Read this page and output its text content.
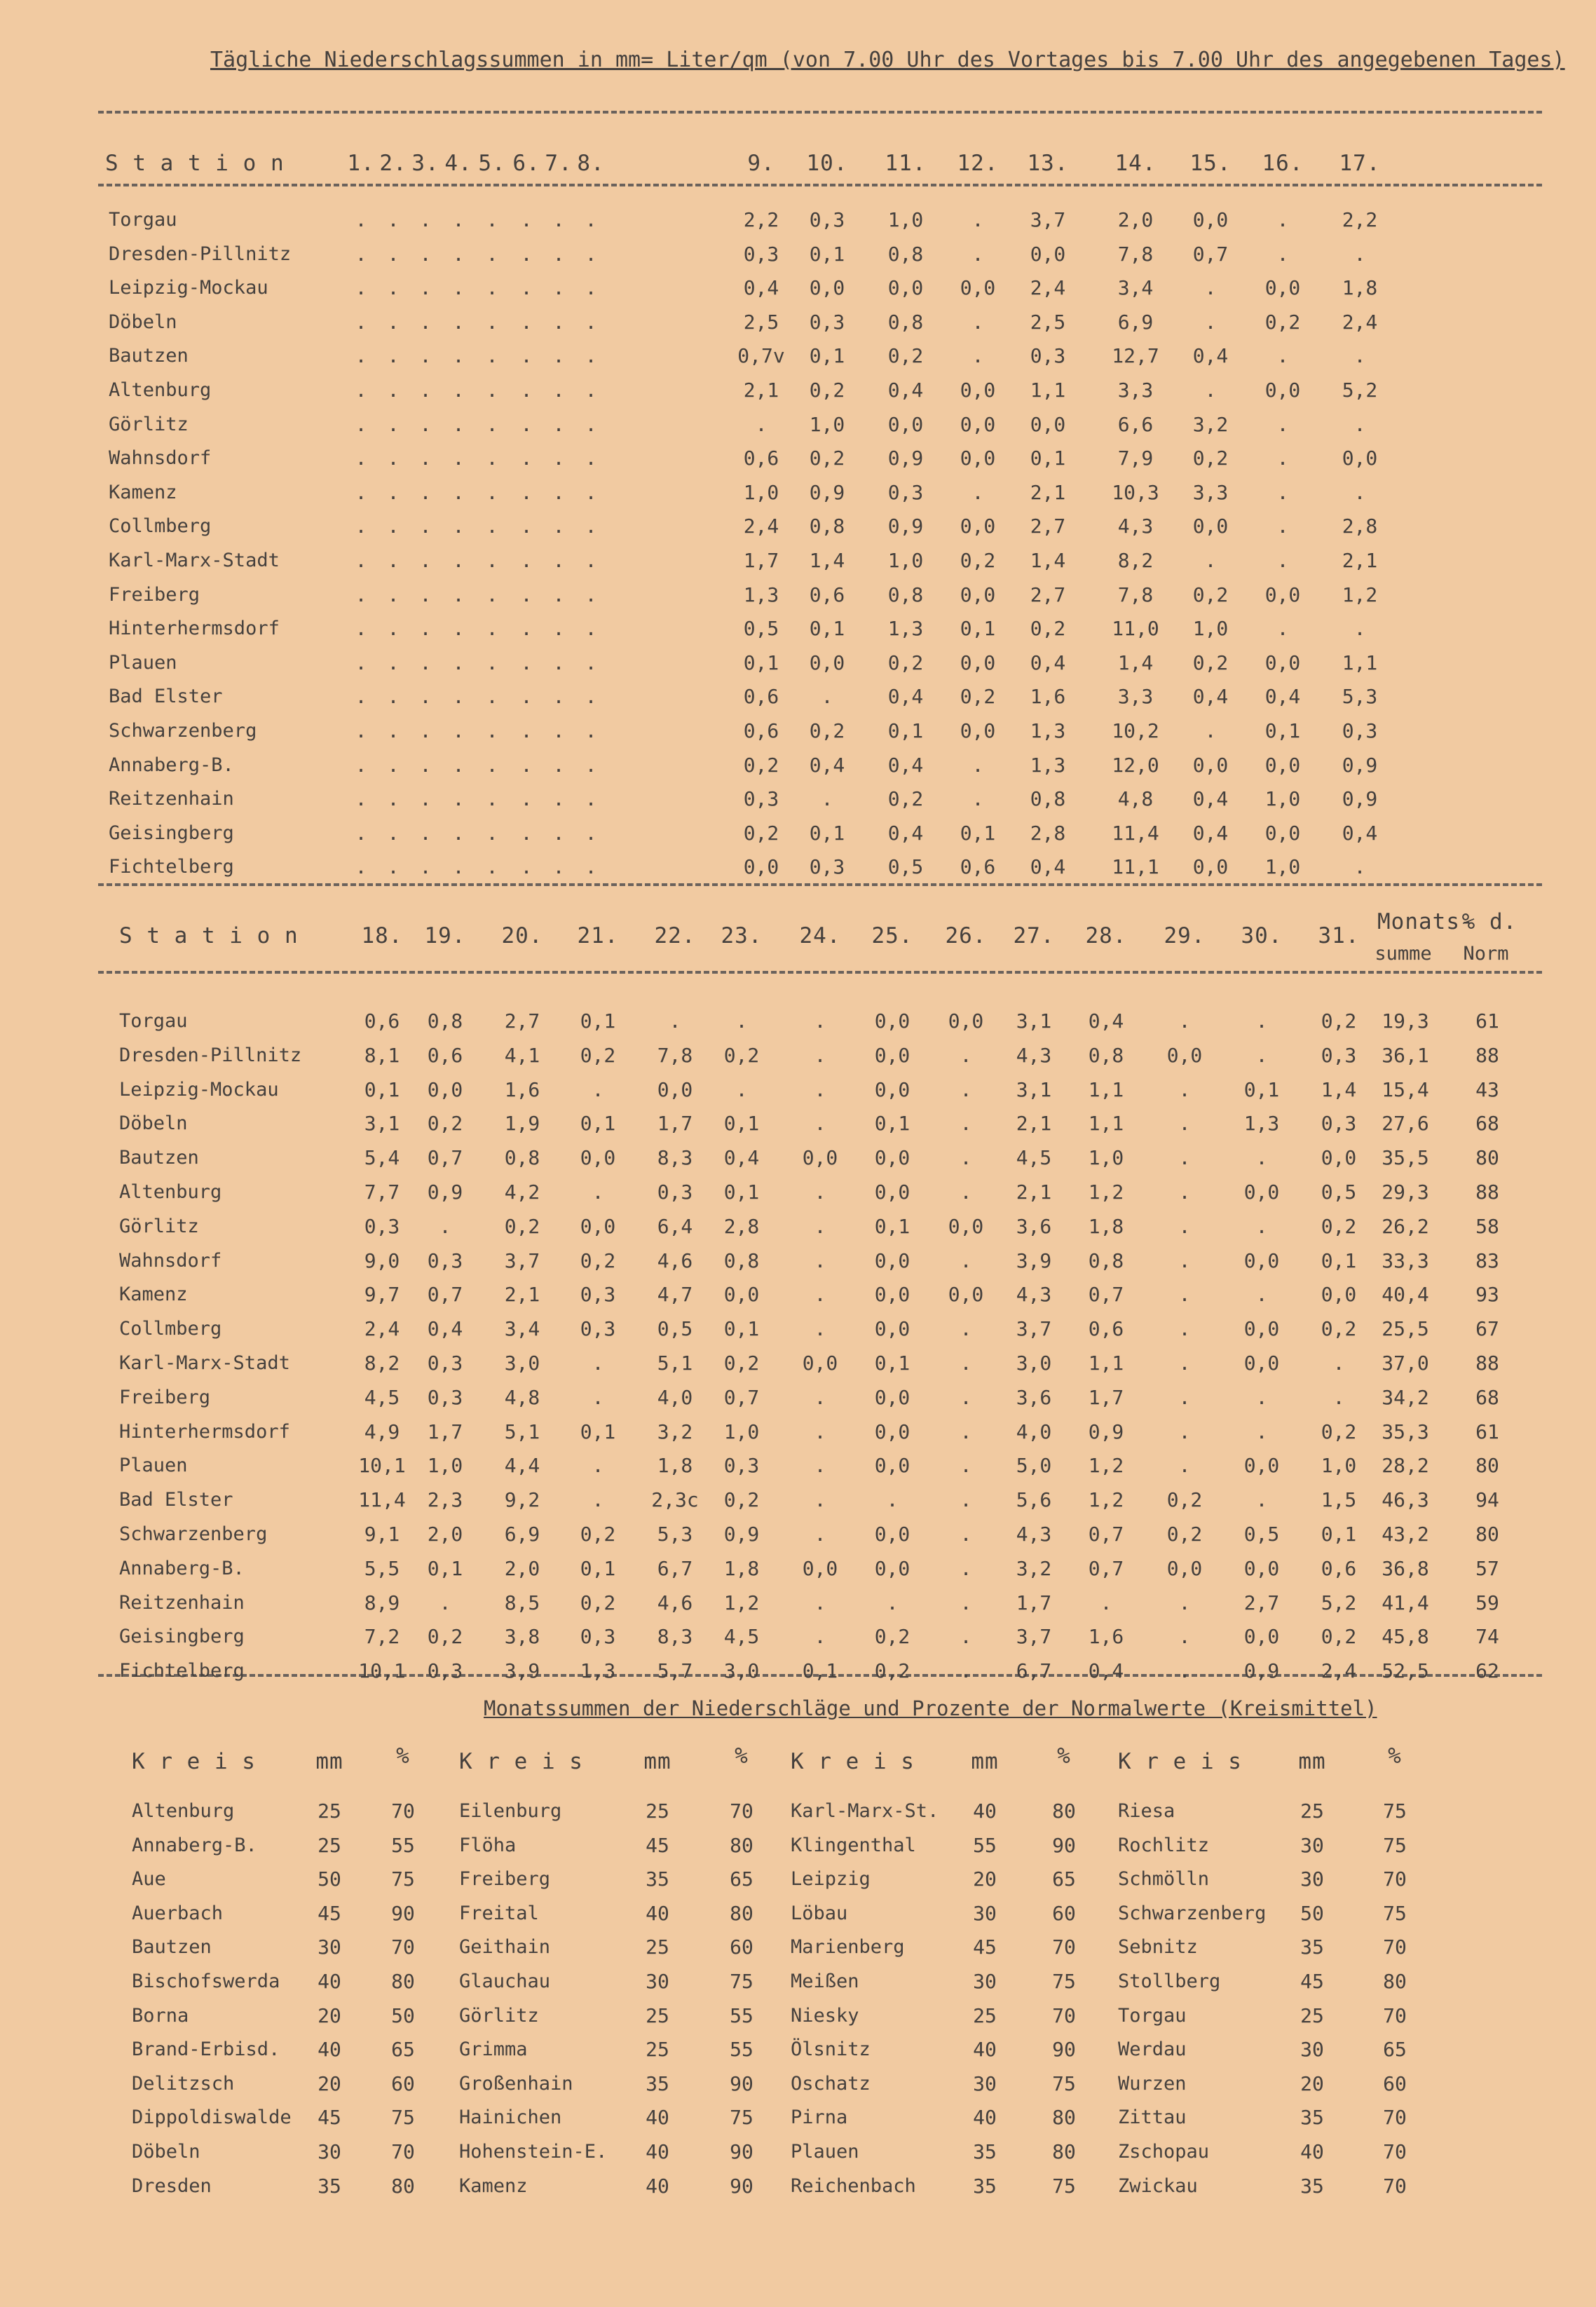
Tägliche Niederschlagssummen in mm= Liter/qm (von 7.00 Uhr des Vortages bis 7.00 Uhr des angegebenen Tages)
Monatssummen der Niederschläge und Prozente der Normalwerte (Kreismittel)
S t a t i o n	1. 2. 3. 4. 5. 6. 7. 8.	9.	10.	11.	12.	13.	14.	15.	16.	17.
Torgau	.	.	.	.	.	.	.	.	2,2	0,3	1,0	.	3,7	2,0	0,0	.	2,2
Dresden-Pillnitz	.	.	.	.	.	.	.	.	0,3	0,1	0,8	.	0,0	7,8	0,7	.	.
Leipzig-Mockau	.	.	.	.	.	.	.	.	0,4	0,0	0,0	0,0	2,4	3,4	.	0,0	1,8
Döbeln	.	.	.	.	.	.	.	.	2,5	0,3	0,8	.	2,5	6,9	.	0,2	2,4
Bautzen	.	.	.	.	.	.	.	.	0,7v	0,1	0,2	.	0,3	12,7	0,4	.	.
Altenburg	.	.	.	.	.	.	.	.	2,1	0,2	0,4	0,0	1,1	3,3	.	0,0	5,2
Görlitz	.	.	.	.	.	.	.	.	.	1,0	0,0	0,0	0,0	6,6	3,2	.	.
Wahnsdorf	.	.	.	.	.	.	.	.	0,6	0,2	0,9	0,0	0,1	7,9	0,2	.	0,0
Kamenz	.	.	.	.	.	.	.	.	1,0	0,9	0,3	.	2,1	10,3	3,3	.	.
Collmberg	.	.	.	.	.	.	.	.	2,4	0,8	0,9	0,0	2,7	4,3	0,0	.	2,8
Karl-Marx-Stadt	.	.	.	.	.	.	.	.	1,7	1,4	1,0	0,2	1,4	8,2	.	.	2,1
Freiberg	.	.	.	.	.	.	.	.	1,3	0,6	0,8	0,0	2,7	7,8	0,2	0,0	1,2
Hinterhermsdorf	.	.	.	.	.	.	.	.	0,5	0,1	1,3	0,1	0,2	11,0	1,0	.	.
Plauen	.	.	.	.	.	.	.	.	0,1	0,0	0,2	0,0	0,4	1,4	0,2	0,0	1,1
Bad Elster	.	.	.	.	.	.	.	.	0,6	.	0,4	0,2	1,6	3,3	0,4	0,4	5,3
Schwarzenberg	.	.	.	.	.	.	.	.	0,6	0,2	0,1	0,0	1,3	10,2	.	0,1	0,3
Annaberg-B.	.	.	.	.	.	.	.	.	0,2	0,4	0,4	.	1,3	12,0	0,0	0,0	0,9
Reitzenhain	.	.	.	.	.	.	.	.	0,3	.	0,2	.	0,8	4,8	0,4	1,0	0,9
Geisingberg	.	.	.	.	.	.	.	.	0,2	0,1	0,4	0,1	2,8	11,4	0,4	0,0	0,4
Fichtelberg	.	.	.	.	.	.	.	.	0,0	0,3	0,5	0,6	0,4	11,1	0,0	1,0	.
S t a t i o n	18.	19.	20.	21.	22.	23.	24.	25.	26.	27.	28.	29.	30.	31.
Monats-
summe
% d.
Norm
Torgau	0,6	0,8	2,7	0,1	.	.	.	0,0	0,0	3,1	0,4	.	.	0,2	19,3	61
Dresden-Pillnitz	8,1	0,6	4,1	0,2	7,8	0,2	.	0,0	.	4,3	0,8	0,0	.	0,3	36,1	88
Leipzig-Mockau	0,1	0,0	1,6	.	0,0	.	.	0,0	.	3,1	1,1	.	0,1	1,4	15,4	43
Döbeln	3,1	0,2	1,9	0,1	1,7	0,1	.	0,1	.	2,1	1,1	.	1,3	0,3	27,6	68
Bautzen	5,4	0,7	0,8	0,0	8,3	0,4	0,0	0,0	.	4,5	1,0	.	.	0,0	35,5	80
Altenburg	7,7	0,9	4,2	.	0,3	0,1	.	0,0	.	2,1	1,2	.	0,0	0,5	29,3	88
Görlitz	0,3	.	0,2	0,0	6,4	2,8	.	0,1	0,0	3,6	1,8	.	.	0,2	26,2	58
Wahnsdorf	9,0	0,3	3,7	0,2	4,6	0,8	.	0,0	.	3,9	0,8	.	0,0	0,1	33,3	83
Kamenz	9,7	0,7	2,1	0,3	4,7	0,0	.	0,0	0,0	4,3	0,7	.	.	0,0	40,4	93
Collmberg	2,4	0,4	3,4	0,3	0,5	0,1	.	0,0	.	3,7	0,6	.	0,0	0,2	25,5	67
Karl-Marx-Stadt	8,2	0,3	3,0	.	5,1	0,2	0,0	0,1	.	3,0	1,1	.	0,0	.	37,0	88
Freiberg	4,5	0,3	4,8	.	4,0	0,7	.	0,0	.	3,6	1,7	.	.	.	34,2	68
Hinterhermsdorf	4,9	1,7	5,1	0,1	3,2	1,0	.	0,0	.	4,0	0,9	.	.	0,2	35,3	61
Plauen	10,1	1,0	4,4	.	1,8	0,3	.	0,0	.	5,0	1,2	.	0,0	1,0	28,2	80
Bad Elster	11,4	2,3	9,2	.	2,3c	0,2	.	.	.	5,6	1,2	0,2	.	1,5	46,3	94
Schwarzenberg	9,1	2,0	6,9	0,2	5,3	0,9	.	0,0	.	4,3	0,7	0,2	0,5	0,1	43,2	80
Annaberg-B.	5,5	0,1	2,0	0,1	6,7	1,8	0,0	0,0	.	3,2	0,7	0,0	0,0	0,6	36,8	57
Reitzenhain	8,9	.	8,5	0,2	4,6	1,2	.	.	.	1,7	.	.	2,7	5,2	41,4	59
Geisingberg	7,2	0,2	3,8	0,3	8,3	4,5	.	0,2	.	3,7	1,6	.	0,0	0,2	45,8	74
Fichtelberg	10,1	0,3	3,9	1,3	5,7	3,0	0,1	0,2	.	6,7	0,4	.	0,9	2,4	52,5	62
K r e i s	mm	%
Altenburg	25	70
Annaberg-B.	25	55
Aue	50	75
Auerbach	45	90
Bautzen	30	70
Bischofswerda	40	80
Borna	20	50
Brand-Erbisd.	40	65
Delitzsch	20	60
Dippoldiswalde	45	75
Döbeln	30	70
Dresden	35	80
K r e i s	mm	%
Eilenburg	25	70
Flöha	45	80
Freiberg	35	65
Freital	40	80
Geithain	25	60
Glauchau	30	75
Görlitz	25	55
Grimma	25	55
Großenhain	35	90
Hainichen	40	75
Hohenstein-E.	40	90
Kamenz	40	90
K r e i s	mm	%
Karl-Marx-St.	40	80
Klingenthal	55	90
Leipzig	20	65
Löbau	30	60
Marienberg	45	70
Meißen	30	75
Niesky	25	70
Ölsnitz	40	90
Oschatz	30	75
Pirna	40	80
Plauen	35	80
Reichenbach	35	75
K r e i s	mm	%
Riesa	25	75
Rochlitz	30	75
Schmölln	30	70
Schwarzenberg	50	75
Sebnitz	35	70
Stollberg	45	80
Torgau	25	70
Werdau	30	65
Wurzen	20	60
Zittau	35	70
Zschopau	40	70
Zwickau	35	70
